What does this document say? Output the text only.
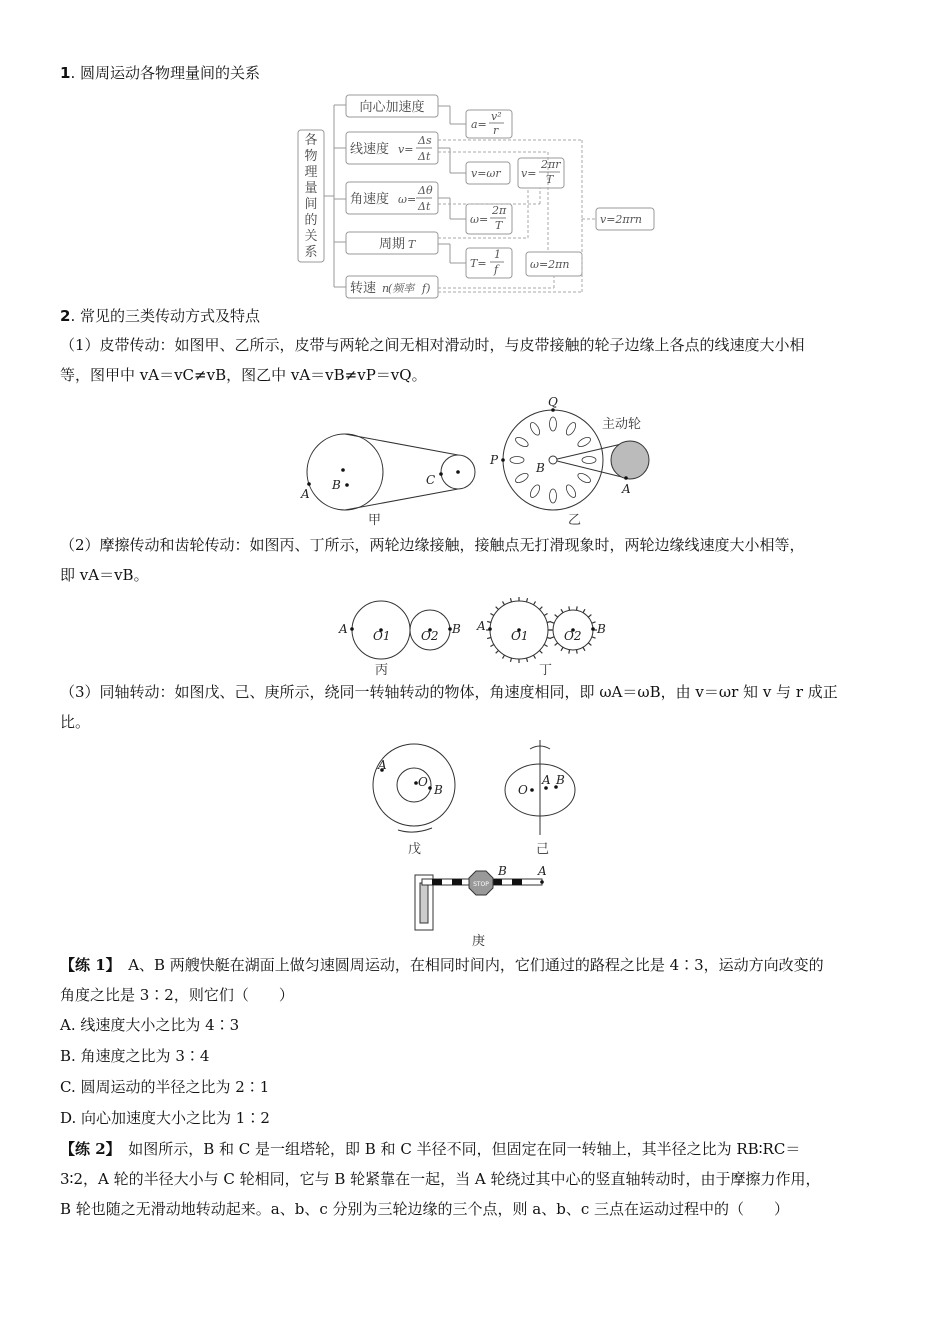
1. 圆周运动各物理量间的关系
各
物
理
量
间
的
关
系
向心加速度
线速度
角速度
周期
转速
v=
Δs
Δt
ω=
Δθ
Δt
T
n
(频率 f)
a=
v²
r
v=ωr v=
2πr
T
ω=
2π
T
T=
1
f	ω=2πn
v=2πrn
2. 常见的三类传动方式及特点
（1）皮带传动：如图甲、乙所示，皮带与两轮之间无相对滑动时，与皮带接触的轮子边缘上各点的线速度大小相
等，图甲中 vA＝vC≠vB，图乙中 vA＝vB≠vP＝vQ。
A
B	C
Q
P
B
A
主动轮
甲	乙
（2）摩擦传动和齿轮传动：如图丙、丁所示，两轮边缘接触，接触点无打滑现象时，两轮边缘线速度大小相等，
即 vA＝vB。
A O1	O2 B A
O1	O2 B
丙	丁
（3）同轴转动：如图戊、己、庚所示，绕同一转轴转动的物体，角速度相同，即 ωA＝ωB，由 v＝ωr 知 v 与 r 成正
比。
STOP
A
O
B	O
A B
B	A
戊	己
庚
【练 1】　 A、B 两艘快艇在湖面上做匀速圆周运动，在相同时间内，它们通过的路程之比是 4∶3，运动方向改变的
角度之比是 3∶2，则它们（　　）
A. 线速度大小之比为 4∶3
B. 角速度之比为 3∶4
C. 圆周运动的半径之比为 2∶1
D. 向心加速度大小之比为 1∶2
【练 2】　 如图所示，B 和 C 是一组塔轮，即 B 和 C 半径不同，但固定在同一转轴上，其半径之比为 RB∶RC＝
3∶2，A 轮的半径大小与 C 轮相同，它与 B 轮紧靠在一起，当 A 轮绕过其中心的竖直轴转动时，由于摩擦力作用，
B 轮也随之无滑动地转动起来。a、b、c 分别为三轮边缘的三个点，则 a、b、c 三点在运动过程中的（　　）
